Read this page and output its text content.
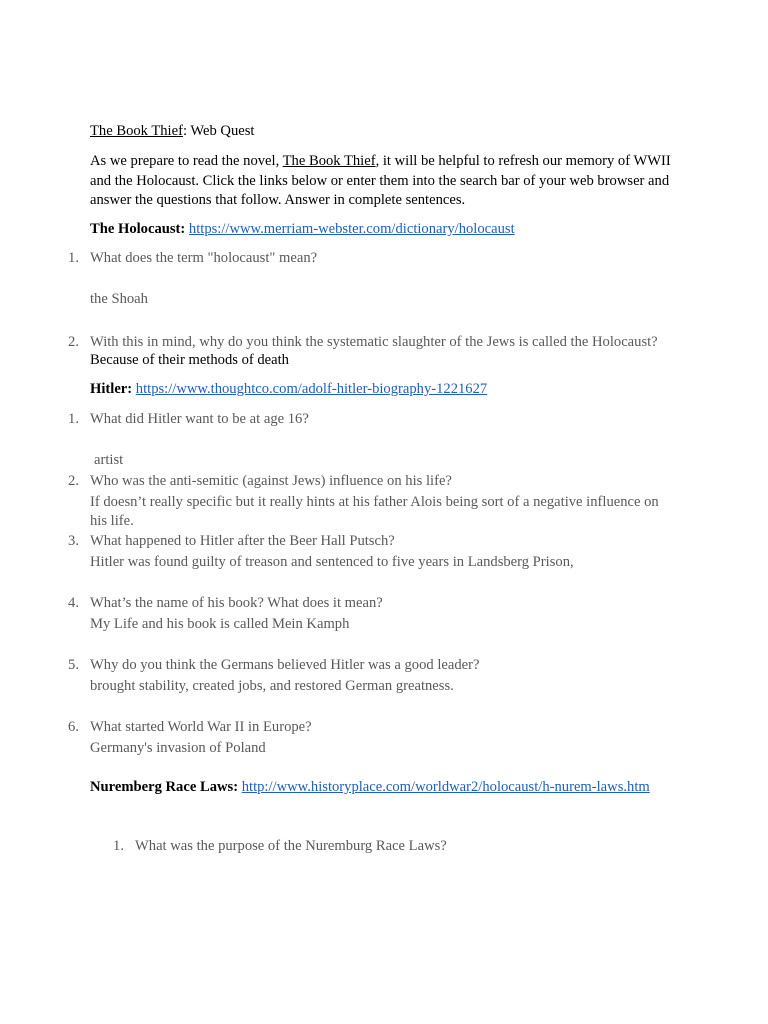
The Book Thief: Web Quest
As we prepare to read the novel, The Book Thief, it will be helpful to refresh our memory of WWII and the Holocaust. Click the links below or enter them into the search bar of your web browser and answer the questions that follow. Answer in complete sentences.
The Holocaust: https://www.merriam-webster.com/dictionary/holocaust
1. What does the term "holocaust" mean?
the Shoah
2. With this in mind, why do you think the systematic slaughter of the Jews is called the Holocaust?
Because of their methods of death
Hitler: https://www.thoughtco.com/adolf-hitler-biography-1221627
1. What did Hitler want to be at age 16?
artist
2. Who was the anti-semitic (against Jews) influence on his life?
If doesn’t really specific but it really hints at his father Alois being sort of a negative influence on his life.
3. What happened to Hitler after the Beer Hall Putsch?
Hitler was found guilty of treason and sentenced to five years in Landsberg Prison,
4. What’s the name of his book? What does it mean?
My Life and his book is called Mein Kamph
5. Why do you think the Germans believed Hitler was a good leader?
brought stability, created jobs, and restored German greatness.
6. What started World War II in Europe?
Germany's invasion of Poland
Nuremberg Race Laws: http://www.historyplace.com/worldwar2/holocaust/h-nurem-laws.htm
1. What was the purpose of the Nuremburg Race Laws?
